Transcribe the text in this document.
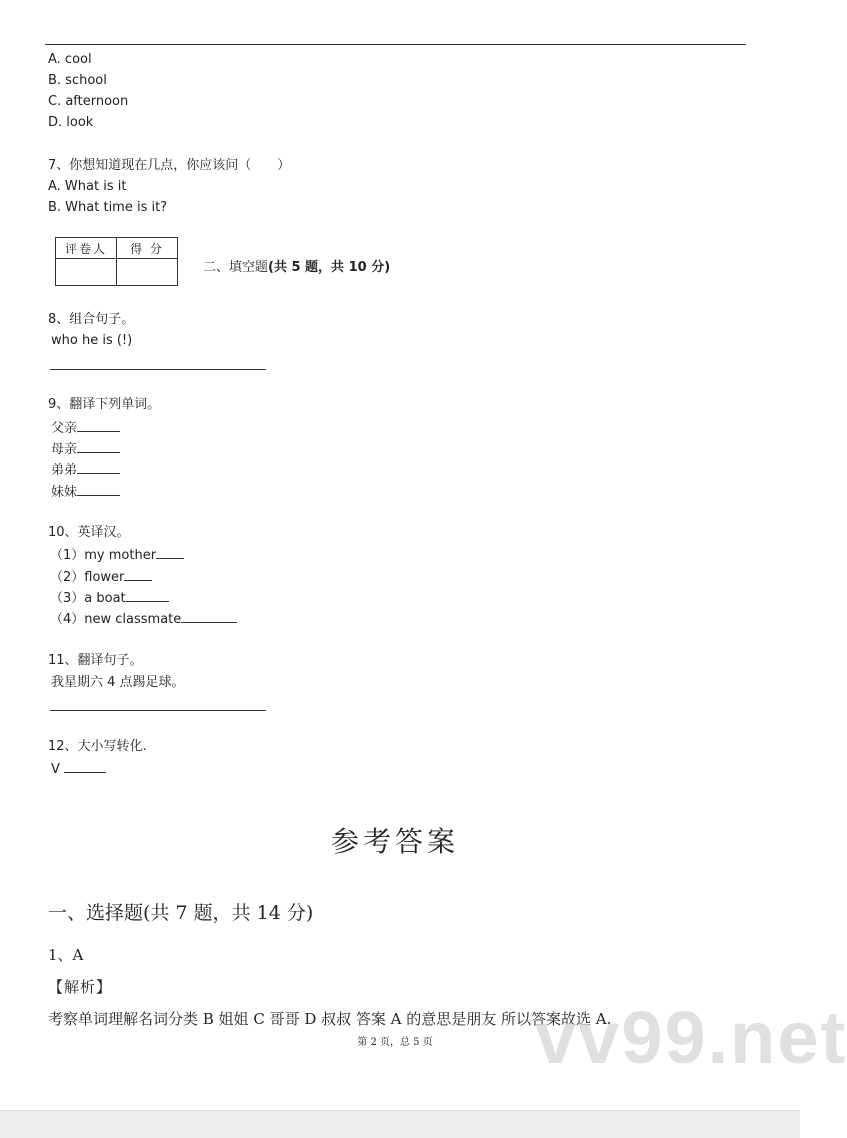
A. cool
B. school
C. afternoon
D. look
7、你想知道现在几点，你应该问（　　）
A. What is it
B. What time is it?
评卷人	得 分

二、填空题(共 5 题，共 10 分)
8、组合句子。
who he is (!)
9、翻译下列单词。
父亲
母亲
弟弟
妹妹
10、英译汉。
（1）my mother
（2）flower
（3）a boat
（4）new classmate
11、翻译句子。
我星期六 4 点踢足球。
12、大小写转化.
V
参考答案
一、选择题(共 7 题，共 14 分)
1、A
【解析】
考察单词理解名词分类 B 姐姐 C 哥哥 D 叔叔 答案 A 的意思是朋友 所以答案故选 A.
vv99.net
第 2 页，总 5 页
